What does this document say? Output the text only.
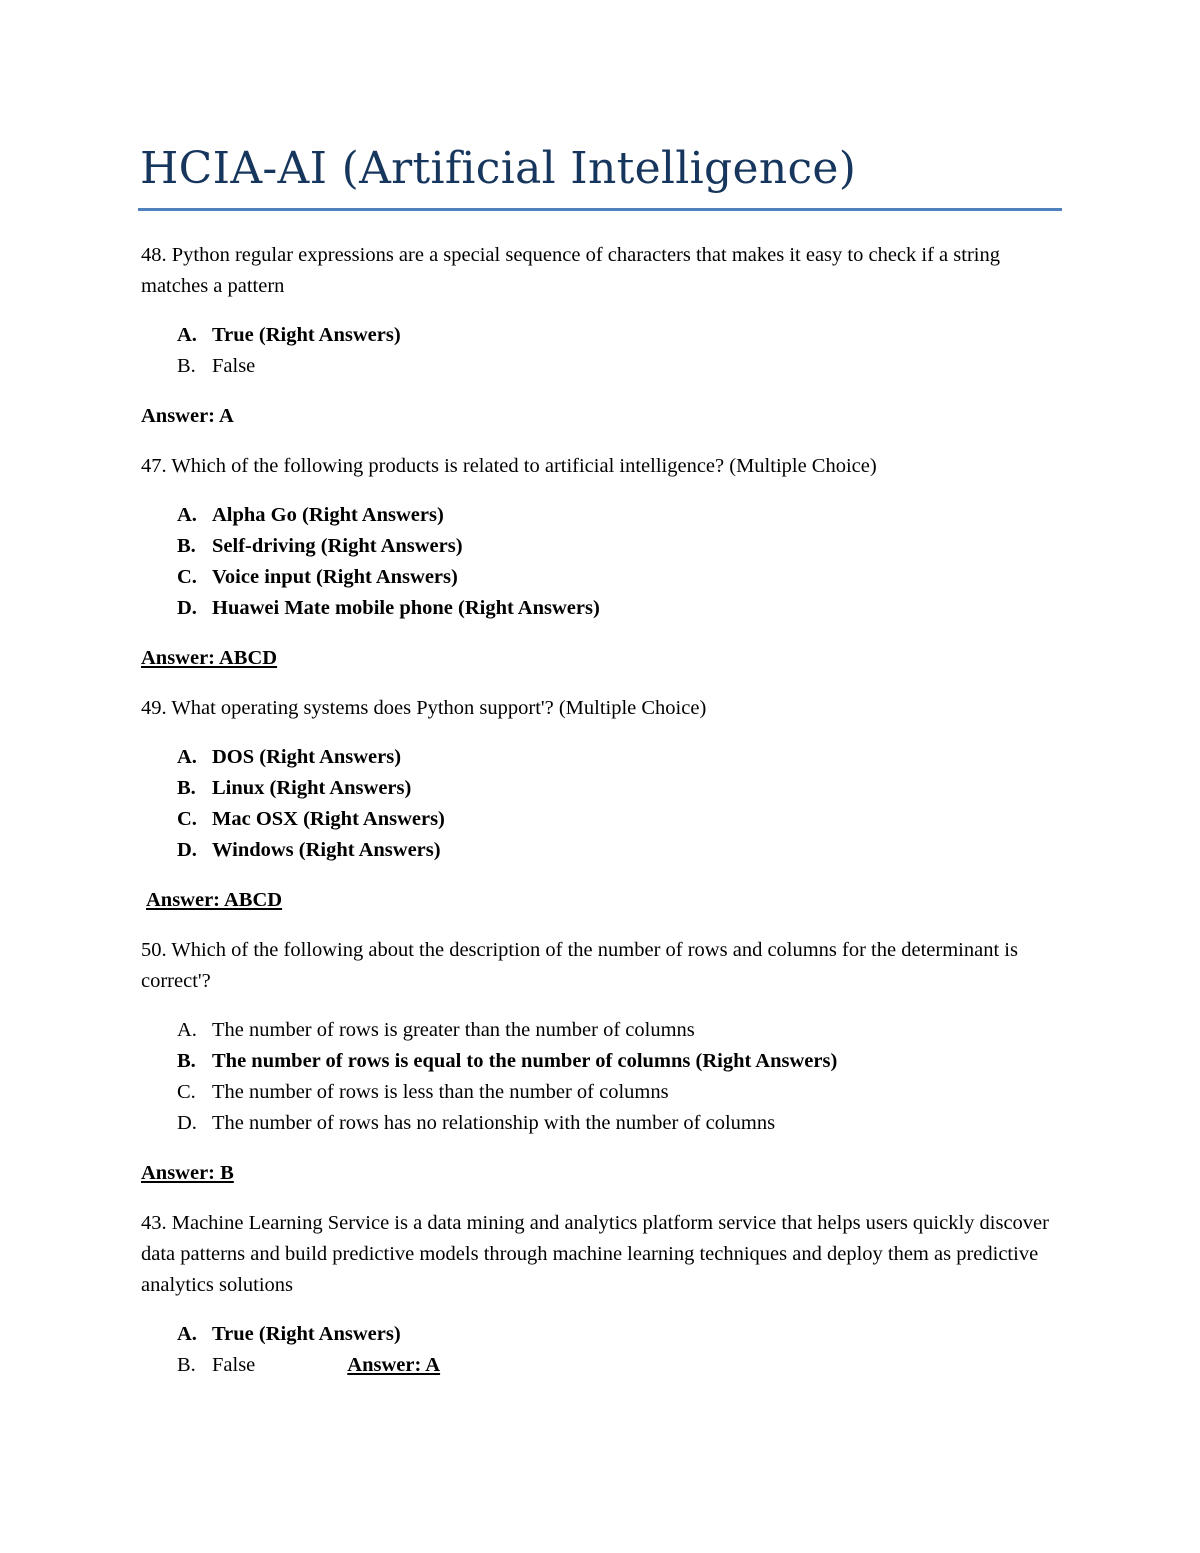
HCIA-AI (Artificial Intelligence)

48. Python regular expressions are a special sequence of characters that makes it easy to check if a string matches a pattern

A. True (Right Answers)
B. False

Answer: A

47. Which of the following products is related to artificial intelligence? (Multiple Choice)

A. Alpha Go (Right Answers)
B. Self-driving (Right Answers)
C. Voice input (Right Answers)
D. Huawei Mate mobile phone (Right Answers)

Answer: ABCD

49. What operating systems does Python support'? (Multiple Choice)

A. DOS (Right Answers)
B. Linux (Right Answers)
C. Mac OSX (Right Answers)
D. Windows (Right Answers)

Answer: ABCD

50. Which of the following about the description of the number of rows and columns for the determinant is correct'?

A. The number of rows is greater than the number of columns
B. The number of rows is equal to the number of columns (Right Answers)
C. The number of rows is less than the number of columns
D. The number of rows has no relationship with the number of columns

Answer: B

43. Machine Learning Service is a data mining and analytics platform service that helps users quickly discover data patterns and build predictive models through machine learning techniques and deploy them as predictive analytics solutions

A. True (Right Answers)
B. False	Answer: A
